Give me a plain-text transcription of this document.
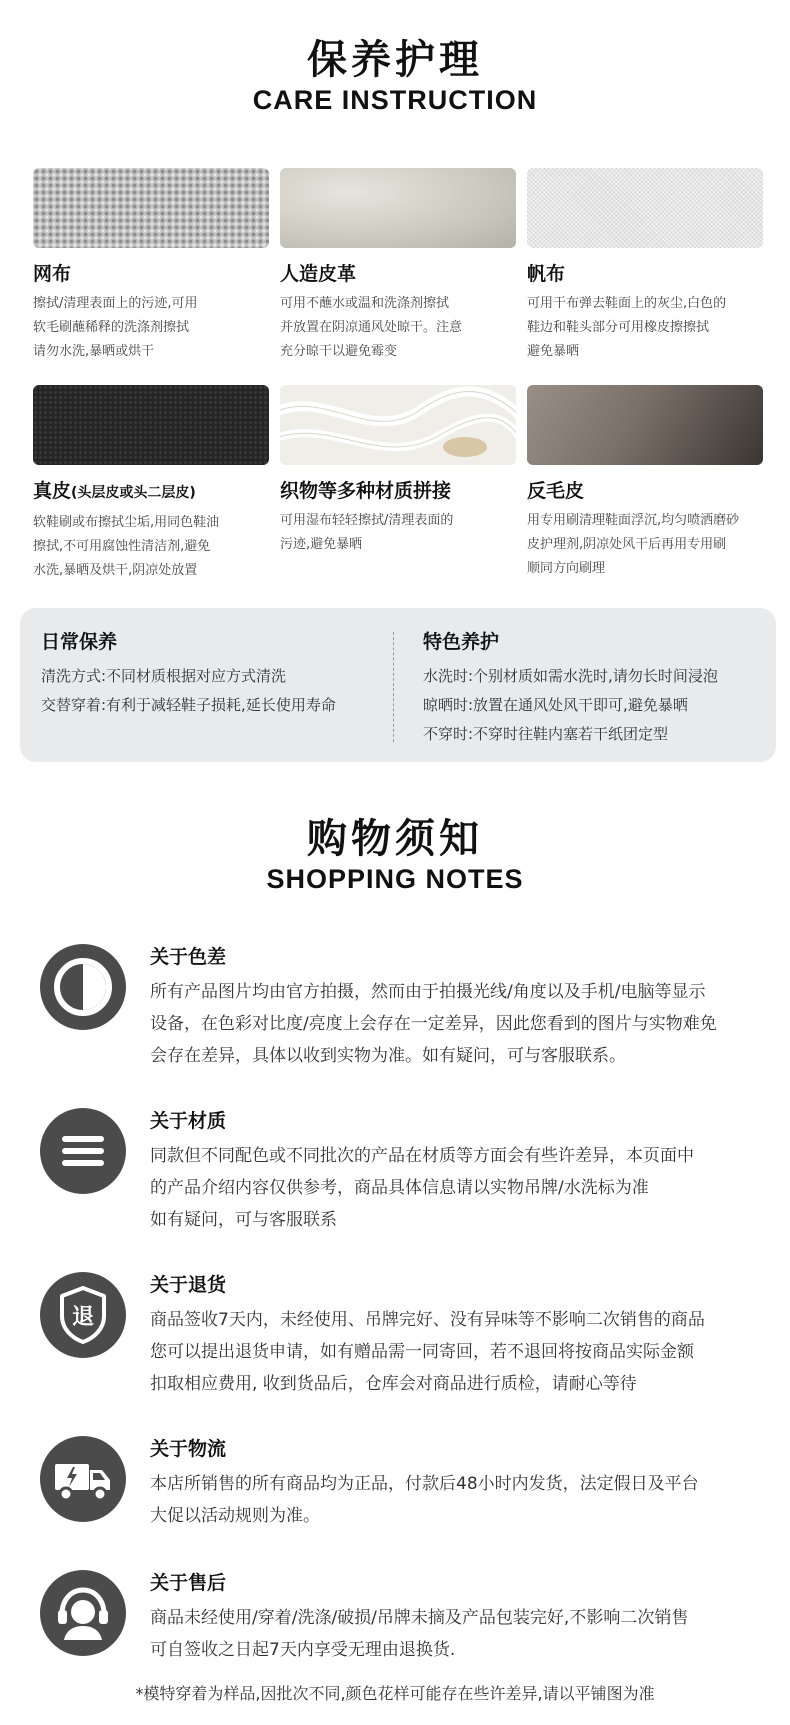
保养护理
CARE INSTRUCTION
网布
擦拭/清理表面上的污迹,可用
软毛刷蘸稀释的洗涤剂擦拭
请勿水洗,暴晒或烘干
人造皮革
可用不蘸水或温和洗涤剂擦拭
并放置在阴凉通风处晾干。注意
充分晾干以避免霉变
帆布
可用干布弹去鞋面上的灰尘,白色的
鞋边和鞋头部分可用橡皮擦擦拭
避免暴晒
真皮(头层皮或头二层皮)
软鞋刷或布擦拭尘垢,用同色鞋油
擦拭,不可用腐蚀性清洁剂,避免
水洗,暴晒及烘干,阴凉处放置
织物等多种材质拼接
可用湿布轻轻擦拭/清理表面的
污迹,避免暴晒
反毛皮
用专用刷清理鞋面浮沉,均匀喷洒磨砂
皮护理剂,阴凉处风干后再用专用刷
顺同方向刷理
日常保养
清洗方式:不同材质根据对应方式清洗
交替穿着:有利于减轻鞋子损耗,延长使用寿命
特色养护
水洗时:个别材质如需水洗时,请勿长时间浸泡
晾晒时:放置在通风处风干即可,避免暴晒
不穿时:不穿时往鞋内塞若干纸团定型
购物须知
SHOPPING NOTES
关于色差
所有产品图片均由官方拍摄，然而由于拍摄光线/角度以及手机/电脑等显示
设备，在色彩对比度/亮度上会存在一定差异，因此您看到的图片与实物难免
会存在差异，具体以收到实物为准。如有疑问，可与客服联系。
关于材质
同款但不同配色或不同批次的产品在材质等方面会有些许差异，本页面中
的产品介绍内容仅供参考，商品具体信息请以实物吊牌/水洗标为准
如有疑问，可与客服联系
退
关于退货
商品签收7天内，未经使用、吊牌完好、没有异味等不影响二次销售的商品
您可以提出退货申请，如有赠品需一同寄回，若不退回将按商品实际金额
扣取相应费用, 收到货品后，仓库会对商品进行质检，请耐心等待
关于物流
本店所销售的所有商品均为正品，付款后48小时内发货，法定假日及平台
大促以活动规则为准。
关于售后
商品未经使用/穿着/洗涤/破损/吊牌未摘及产品包装完好,不影响二次销售
可自签收之日起7天内享受无理由退换货.
*模特穿着为样品,因批次不同,颜色花样可能存在些许差异,请以平铺图为准
